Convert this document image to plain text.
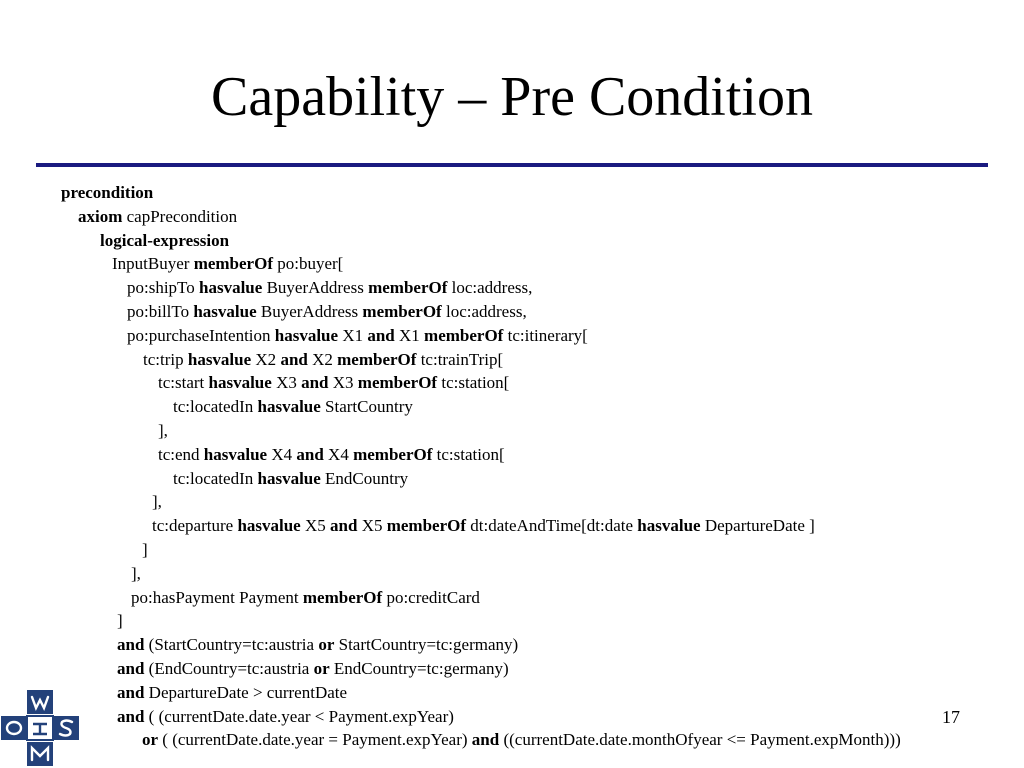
Capability – Pre Condition
precondition
axiom capPrecondition
logical-expression
InputBuyer memberOf po:buyer[
po:shipTo hasvalue BuyerAddress memberOf loc:address,
po:billTo hasvalue BuyerAddress memberOf loc:address,
po:purchaseIntention hasvalue X1 and X1 memberOf tc:itinerary[
tc:trip hasvalue X2 and X2 memberOf tc:trainTrip[
tc:start hasvalue X3 and X3 memberOf tc:station[
tc:locatedIn hasvalue StartCountry
],
tc:end hasvalue X4 and X4 memberOf tc:station[
tc:locatedIn hasvalue EndCountry
],
tc:departure hasvalue X5 and X5 memberOf dt:dateAndTime[dt:date hasvalue DepartureDate ]
]
],
po:hasPayment Payment memberOf po:creditCard
]
and (StartCountry=tc:austria or StartCountry=tc:germany)
and (EndCountry=tc:austria or EndCountry=tc:germany)
and DepartureDate > currentDate
and ( (currentDate.date.year < Payment.expYear)
or ( (currentDate.date.year = Payment.expYear) and ((currentDate.date.monthOfyear <= Payment.expMonth)))
17
